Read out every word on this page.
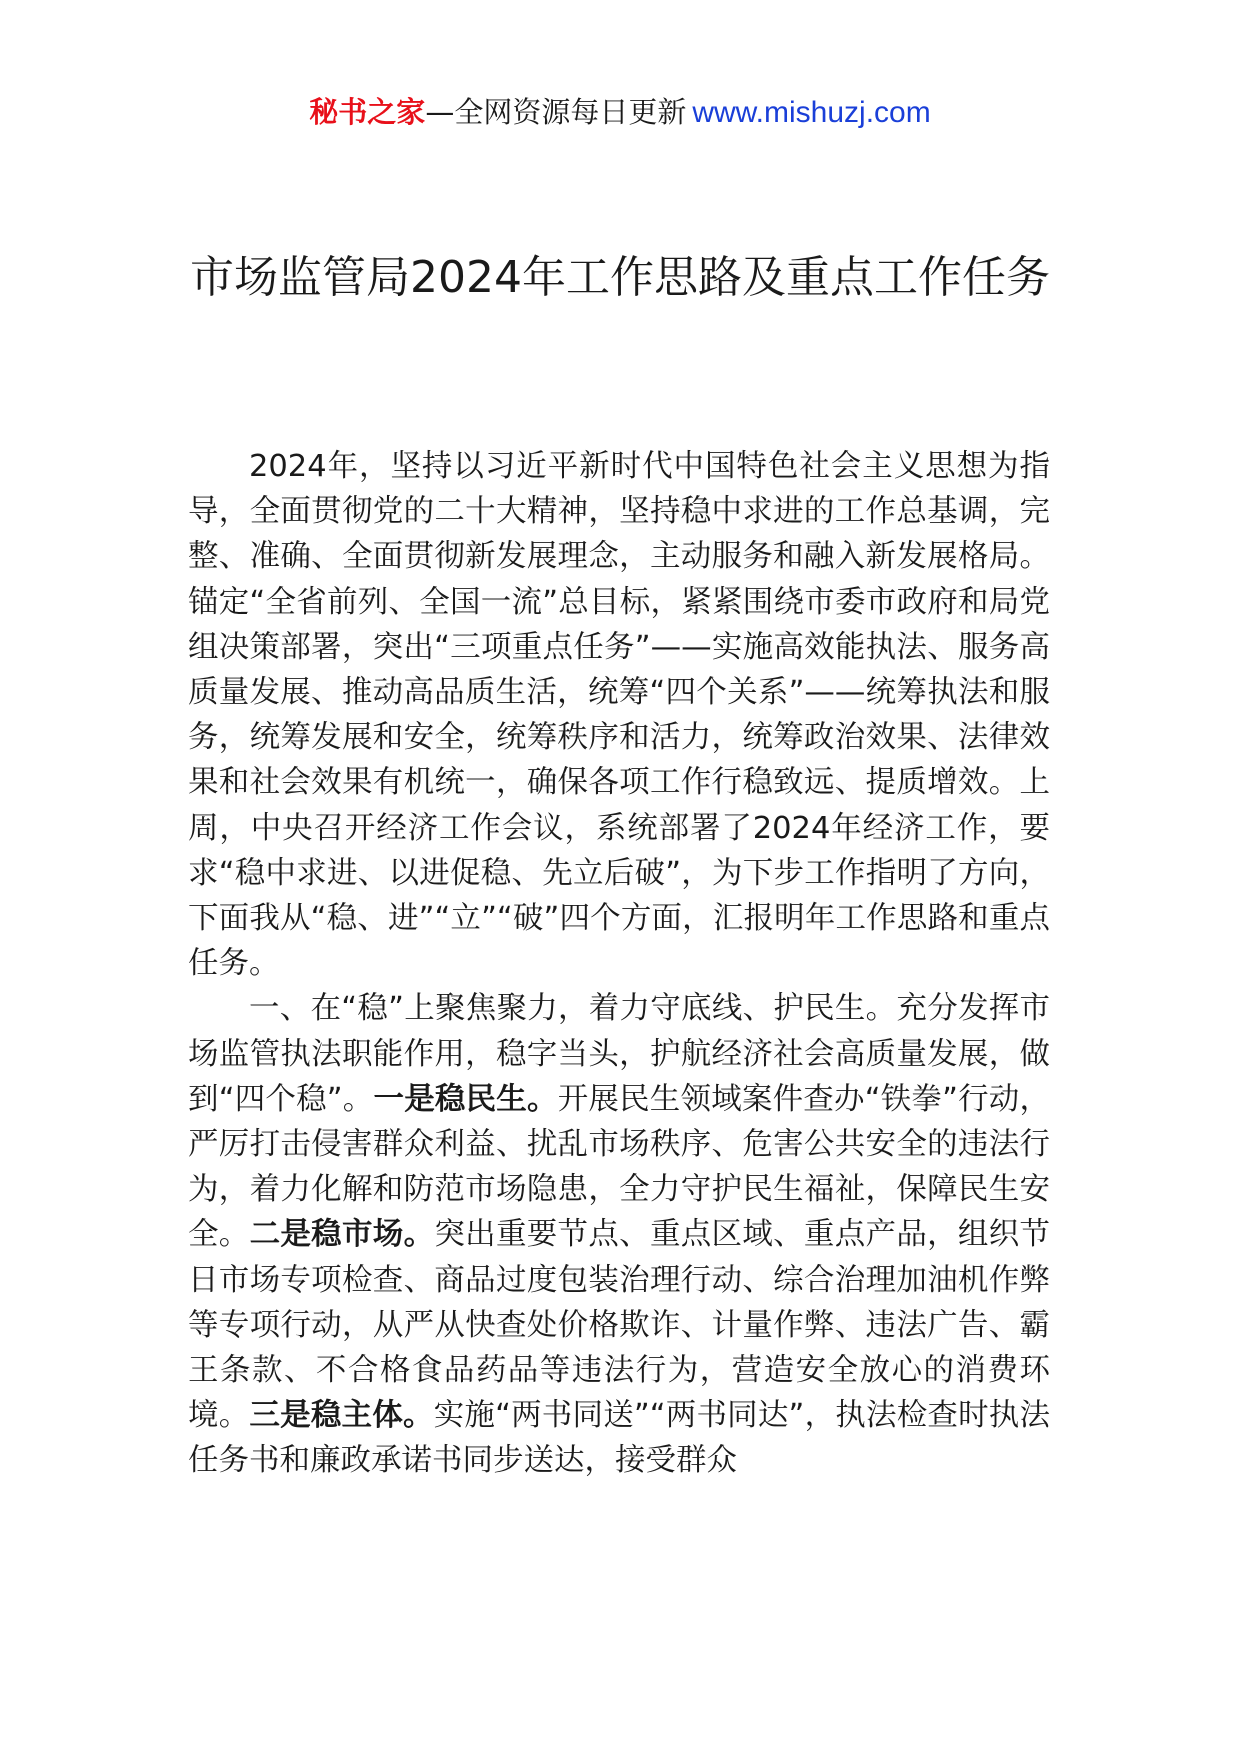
秘书之家—全网资源每日更新 www.mishuzj.com
市场监管局2024年工作思路及重点工作任务

2024年，坚持以习近平新时代中国特色社会主义思想为指导，全面贯彻党的二十大精神，坚持稳中求进的工作总基调，完整、准确、全面贯彻新发展理念，主动服务和融入新发展格局。锚定“全省前列、全国一流”总目标，紧紧围绕市委市政府和局党组决策部署，突出“三项重点任务”——实施高效能执法、服务高质量发展、推动高品质生活，统筹“四个关系”——统筹执法和服务，统筹发展和安全，统筹秩序和活力，统筹政治效果、法律效果和社会效果有机统一，确保各项工作行稳致远、提质增效。上周，中央召开经济工作会议，系统部署了2024年经济工作，要求“稳中求进、以进促稳、先立后破”，为下步工作指明了方向，下面我从“稳、进”“立”“破”四个方面，汇报明年工作思路和重点任务。

一、在“稳”上聚焦聚力，着力守底线、护民生。充分发挥市场监管执法职能作用，稳字当头，护航经济社会高质量发展，做到“四个稳”。一是稳民生。开展民生领域案件查办“铁拳”行动，严厉打击侵害群众利益、扰乱市场秩序、危害公共安全的违法行为，着力化解和防范市场隐患，全力守护民生福祉，保障民生安全。二是稳市场。突出重要节点、重点区域、重点产品，组织节日市场专项检查、商品过度包装治理行动、综合治理加油机作弊等专项行动，从严从快查处价格欺诈、计量作弊、违法广告、霸王条款、不合格食品药品等违法行为，营造安全放心的消费环境。三是稳主体。实施“两书同送”“两书同达”，执法检查时执法任务书和廉政承诺书同步送达，接受群众
